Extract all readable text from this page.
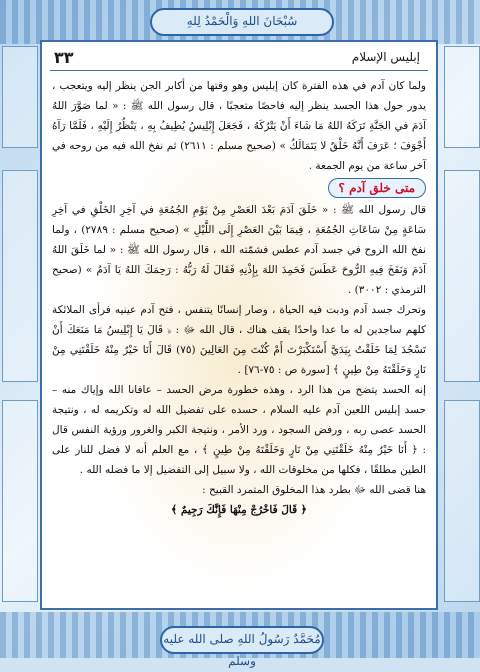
سُبْحَانَ اللهِ وَالْحَمْدُ لِلهِ
مُحَمَّدٌ رَسُولُ اللهِ صلى الله عليه وسلم
إبليس الإسلام
٣٣

ولما كان آدم في هذه الفترة كان إبليس وهو وقتها من أكابر الجن ينظر إليه ويتعجب ، يدور حول هذا الجسد ينظر إليه فاحصًا متعجبًا ، قال رسول الله ﷺ : « لما صَوَّرَ اللهُ آدَمَ في الجَنَّةِ تَرَكَهُ اللهُ مَا شَاءَ أَنْ يَتْرُكَهُ ، فَجَعَلَ إِبْلِيسُ يُطِيفُ بِهِ ، يَنْظُرُ إِلَيْهِ ، فَلَمَّا رَآهُ أَجْوَفَ ؛ عَرَفَ أَنَّهُ خَلْقٌ لا يَتَمَالَكُ » (صحيح مسلم : ٢٦١١) ثم نفخ الله فيه من روحه في آخر ساعة من يوم الجمعة .

متى خلق آدم ؟

قال رسول الله ﷺ : « خَلَقَ آدَمَ بَعْدَ العَصْرِ مِنْ يَوْمِ الجُمُعَةِ في آخِرِ الخَلْقِ في آخِرِ سَاعَةٍ مِنْ سَاعَاتِ الجُمُعَةِ ، فِيمَا بَيْنَ العَصْرِ إِلَى اللَّيْلِ » (صحيح مسلم : ٢٧٨٩) ، ولما نفخ الله الروح في جسد آدم عطس فشمّته الله ، قال رسول الله ﷺ : « لما خَلَقَ اللهُ آدَمَ وَنَفَخَ فِيهِ الرُّوحَ عَطَسَ فَحَمِدَ اللهَ بِإِذْنِهِ فَقَالَ لَهُ رَبُّهُ : رَحِمَكَ اللهُ يَا آدَمُ » (صحيح الترمذي : ٣٠٠٢) .

وتحرك جسد آدم ودبت فيه الحياة ، وصار إنسانًا يتنفس ، فتح آدم عينيه فرأى الملائكة كلهم ساجدين له ما عدا واحدًا يقف هناك ، قال الله ﷻ : ﴿ قَالَ يَا إِبْلِيسُ مَا مَنَعَكَ أَنْ تَسْجُدَ لِمَا خَلَقْتُ بِيَدَيَّ أَسْتَكْبَرْتَ أَمْ كُنْتَ مِنَ العَالِينَ (٧٥) قَالَ أَنَا خَيْرٌ مِنْهُ خَلَقْتَنِي مِنْ نَارٍ وَخَلَقْتَهُ مِنْ طِينٍ ﴾ [سورة ص : ٧٥-٧٦] .

إنه الحسد يتضح من هذا الرد ، وهذه خطورة مرض الحسد – عافانا الله وإياك منه – حسد إبليس اللعين آدم عليه السلام ، حسده على تفضيل الله له وتكريمه له ، ونتيجة الحسد عصى ربه ، ورفض السجود ، ورد الأمر ، ونتيجة الكبر والغرور ورؤية النفس قال : ﴿ أَنَا خَيْرٌ مِنْهُ خَلَقْتَنِي مِنْ نَارٍ وَخَلَقْتَهُ مِنْ طِينٍ ﴾ ، مع العلم أنه لا فضل للنار على الطين مطلقًا ، فكلها من مخلوقات الله ، ولا سبيل إلى التفضيل إلا ما فضله الله .

هنا قضى الله ﷻ بطرد هذا المخلوق المتمرد القبيح :

﴿ قَالَ فَاخْرُجْ مِنْهَا فَإِنَّكَ رَجِيمٌ ﴾
